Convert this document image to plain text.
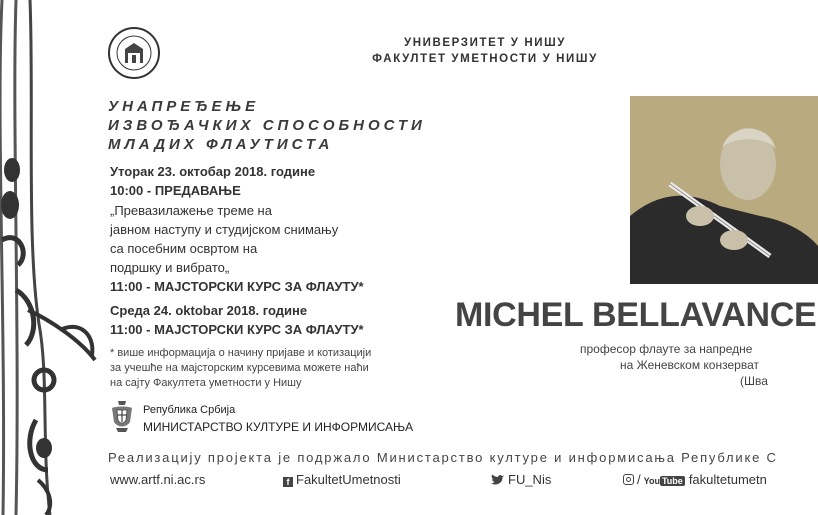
УНИВЕРЗИТЕТ У НИШУ
ФАКУЛТЕТ УМЕТНОСТИ У НИШУ
УНАПРЕЂЕЊЕ
ИЗВОЂАЧКИХ СПОСОБНОСТИ
МЛАДИХ ФЛАУТИСТА
Уторак 23. oктобар 2018. године
10:00 - ПРЕДАВАЊЕ
„Превазилажење треме на
јавном наступу и студијском снимању
са посебним освртом на
подршку и вибрато„
11:00 - МАЈСТОРСКИ КУРС ЗА ФЛАУТУ*
Среда 24. oktobar 2018. године
11:00 - МАЈСТОРСКИ КУРС ЗА ФЛАУТУ*
* више информација о начину пријаве и котизацији
за учешће на мајсторским курсевима можете наћи
на сајту Факултета уметности у Нишу
MICHEL BELLAVANCE
професор флауте за напредне
на Женевском конзерват
(Шва
Република Србија
МИНИСТАРСТВО КУЛТУРЕ И ИНФОРМИСАЊА
Реализацију пројекта је подржало Министарство културе и информисања Републике С
www.artf.ni.ac.rs	f FakultetUmetnosti	FU_Nis	/ You Tube fakultetumetn
